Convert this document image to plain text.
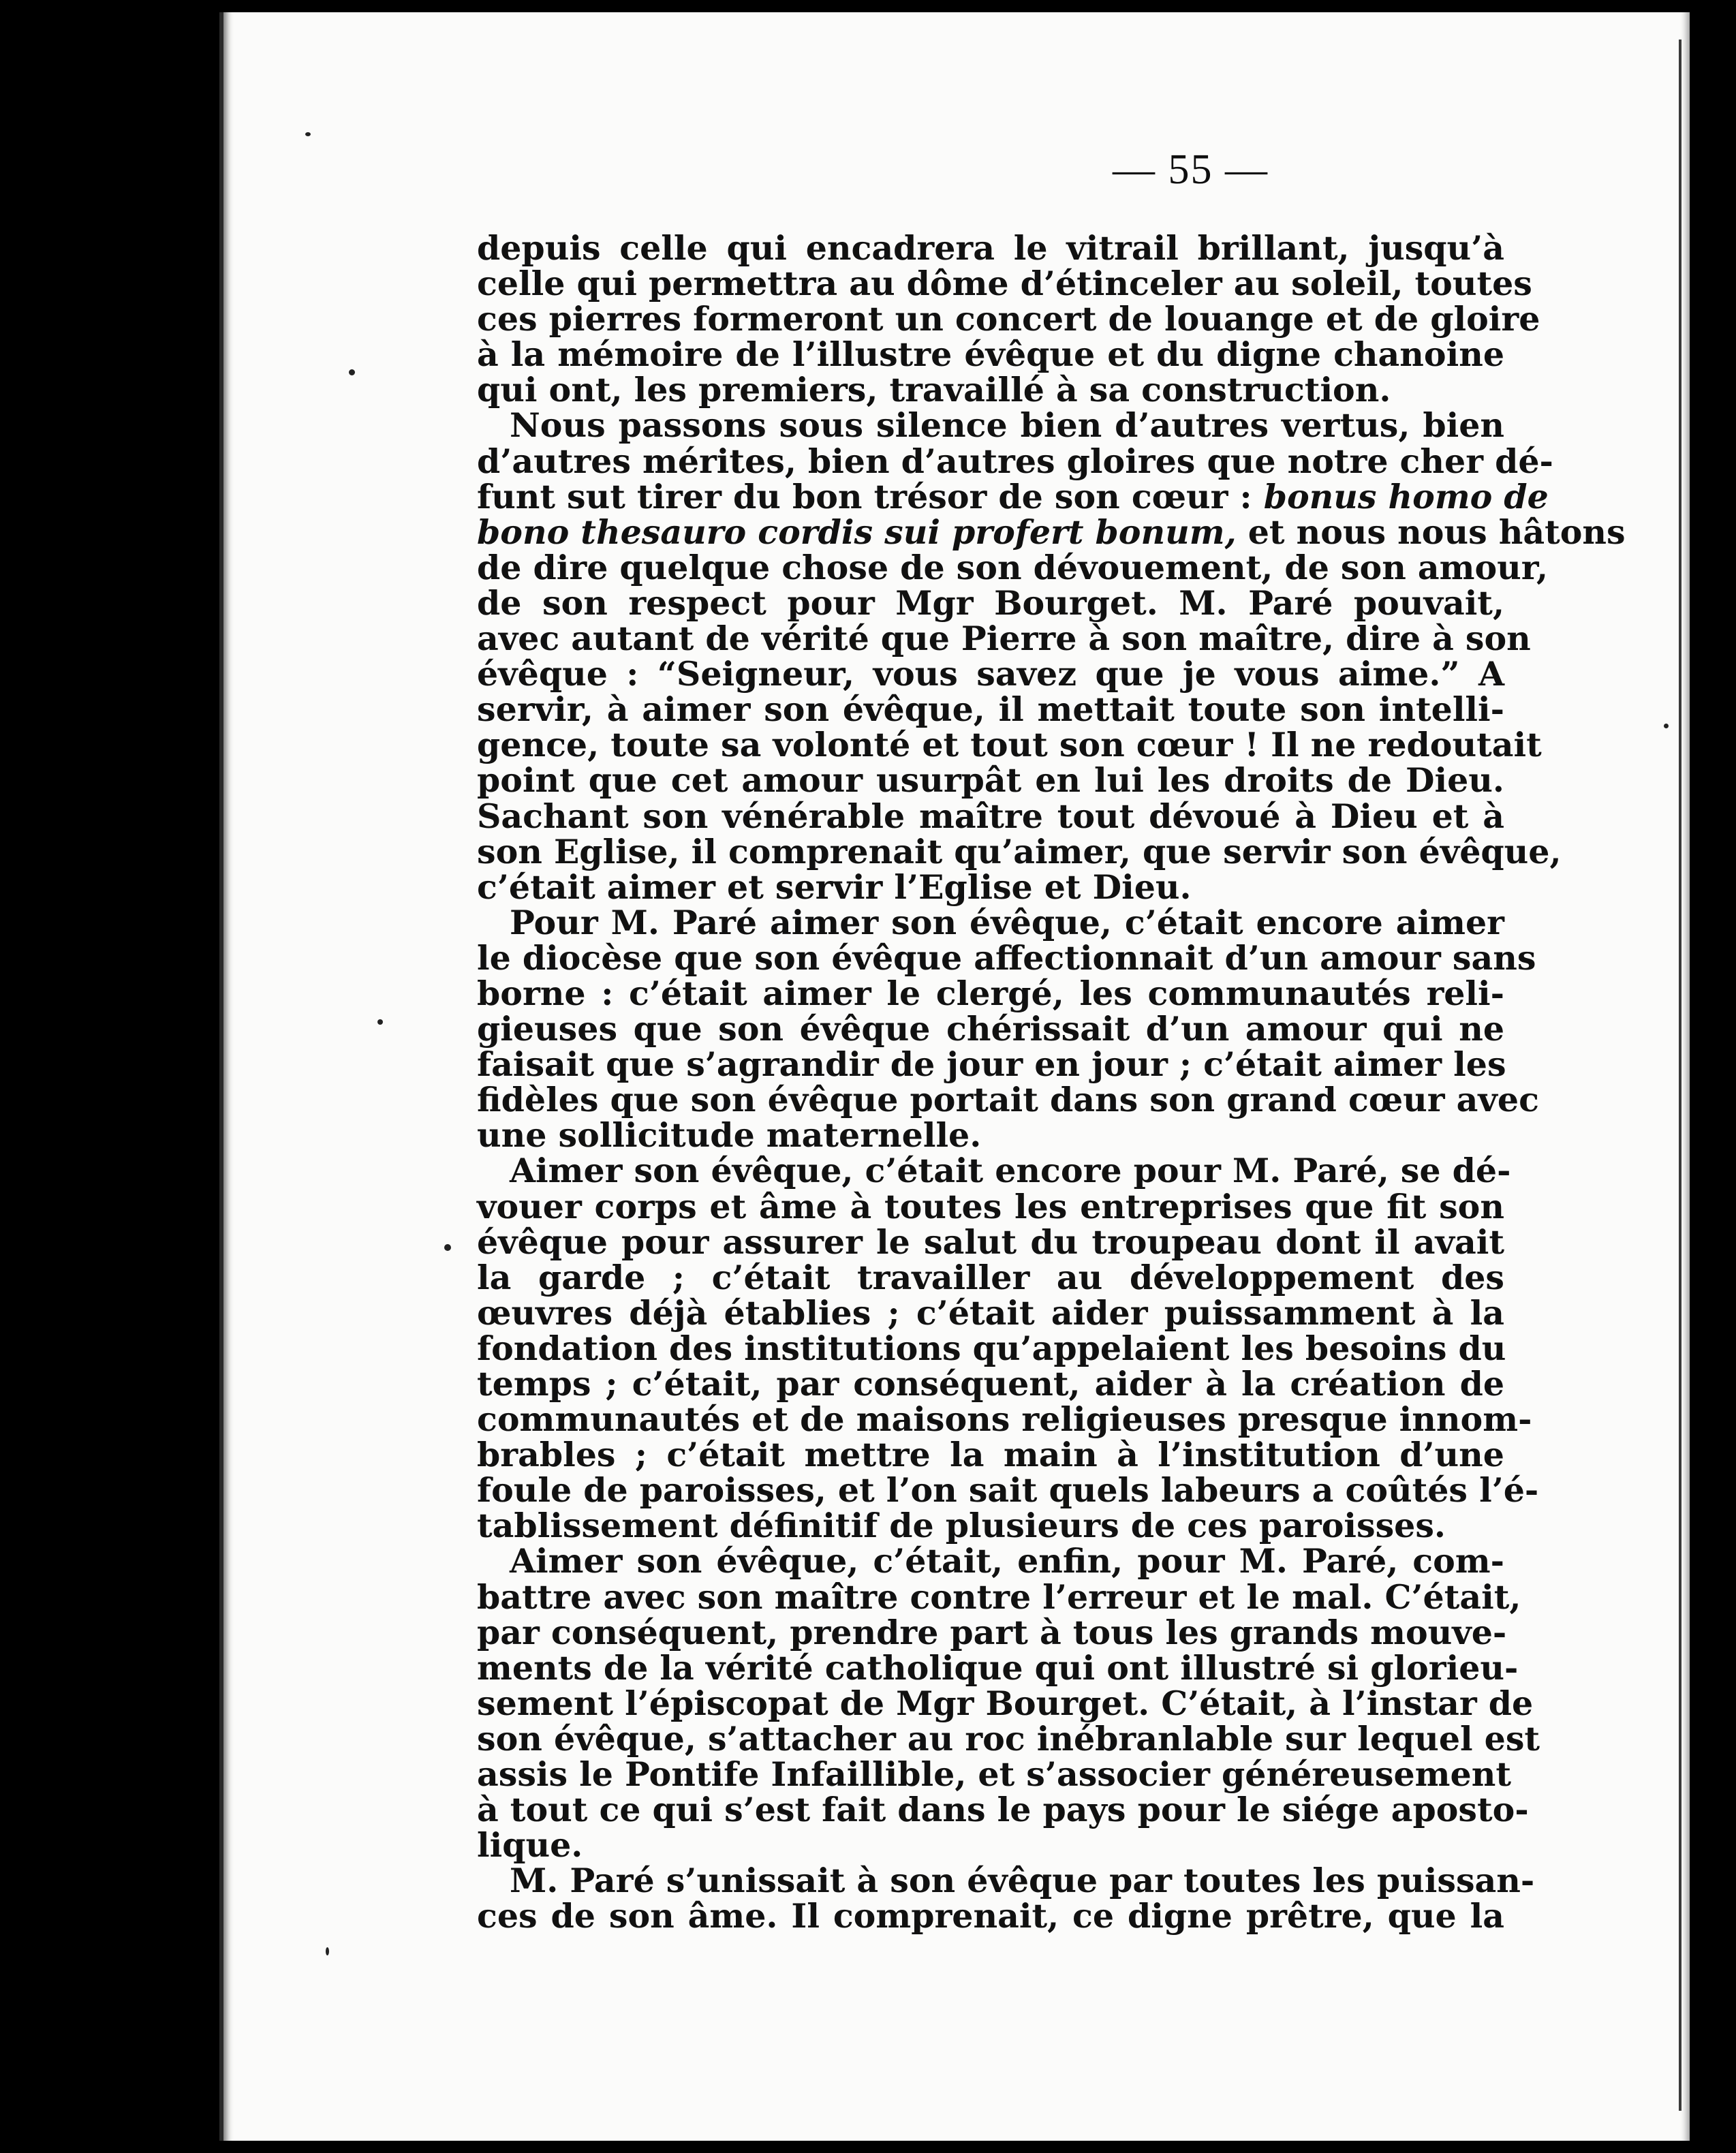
— 55 —
depuis celle qui encadrera le vitrail brillant, jusqu’à
celle qui permettra au dôme d’étinceler au soleil, toutes
ces pierres formeront un concert de louange et de gloire
à la mémoire de l’illustre évêque et du digne chanoine
qui ont, les premiers, travaillé à sa construction.
Nous passons sous silence bien d’autres vertus, bien
d’autres mérites, bien d’autres gloires que notre cher dé-
funt sut tirer du bon trésor de son cœur : bonus homo de
bono thesauro cordis sui profert bonum, et nous nous hâtons
de dire quelque chose de son dévouement, de son amour,
de son respect pour Mgr Bourget. M. Paré pouvait,
avec autant de vérité que Pierre à son maître, dire à son
évêque : “Seigneur, vous savez que je vous aime.” A
servir, à aimer son évêque, il mettait toute son intelli-
gence, toute sa volonté et tout son cœur ! Il ne redoutait
point que cet amour usurpât en lui les droits de Dieu.
Sachant son vénérable maître tout dévoué à Dieu et à
son Eglise, il comprenait qu’aimer, que servir son évêque,
c’était aimer et servir l’Eglise et Dieu.
Pour M. Paré aimer son évêque, c’était encore aimer
le diocèse que son évêque affectionnait d’un amour sans
borne : c’était aimer le clergé, les communautés reli-
gieuses que son évêque chérissait d’un amour qui ne
faisait que s’agrandir de jour en jour ; c’était aimer les
fidèles que son évêque portait dans son grand cœur avec
une sollicitude maternelle.
Aimer son évêque, c’était encore pour M. Paré, se dé-
vouer corps et âme à toutes les entreprises que fit son
évêque pour assurer le salut du troupeau dont il avait
la garde ; c’était travailler au développement des
œuvres déjà établies ; c’était aider puissamment à la
fondation des institutions qu’appelaient les besoins du
temps ; c’était, par conséquent, aider à la création de
communautés et de maisons religieuses presque innom-
brables ; c’était mettre la main à l’institution d’une
foule de paroisses, et l’on sait quels labeurs a coûtés l’é-
tablissement définitif de plusieurs de ces paroisses.
Aimer son évêque, c’était, enfin, pour M. Paré, com-
battre avec son maître contre l’erreur et le mal. C’était,
par conséquent, prendre part à tous les grands mouve-
ments de la vérité catholique qui ont illustré si glorieu-
sement l’épiscopat de Mgr Bourget. C’était, à l’instar de
son évêque, s’attacher au roc inébranlable sur lequel est
assis le Pontife Infaillible, et s’associer généreusement
à tout ce qui s’est fait dans le pays pour le siége aposto-
lique.
M. Paré s’unissait à son évêque par toutes les puissan-
ces de son âme. Il comprenait, ce digne prêtre, que la
